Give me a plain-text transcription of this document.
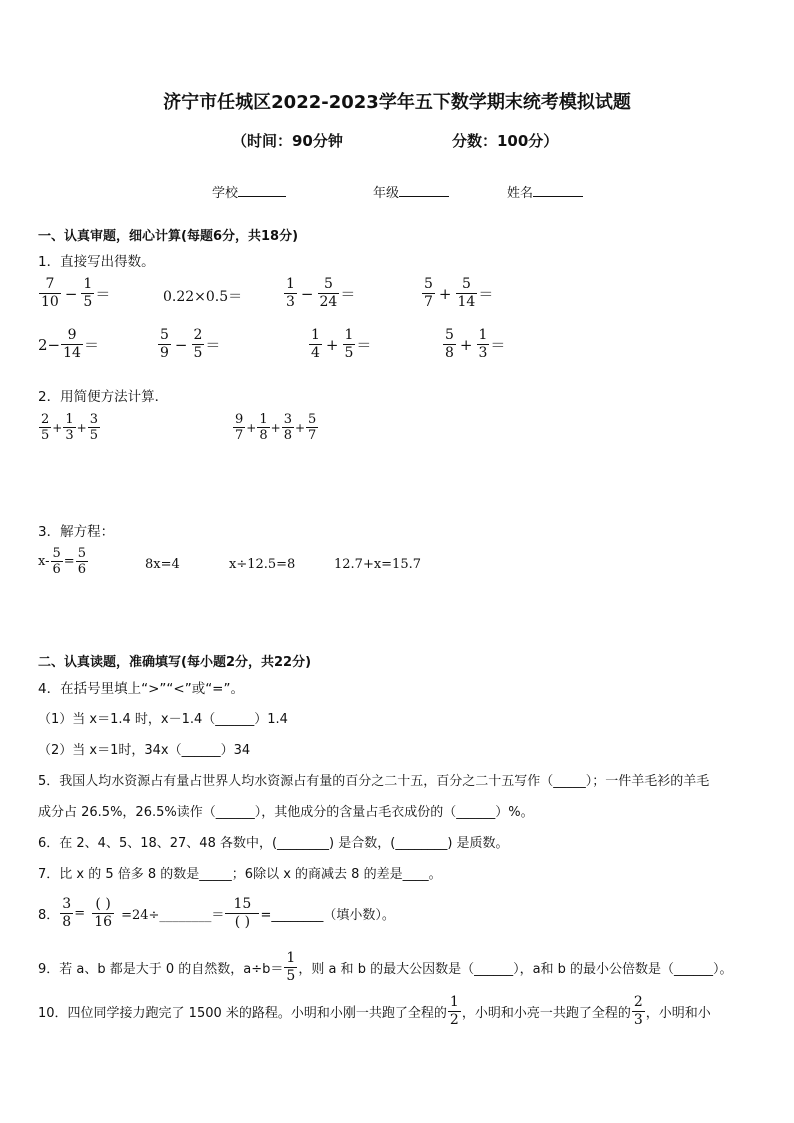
济宁市任城区2022-2023学年五下数学期末统考模拟试题
（时间：90分钟	分数：100分）
学校	年级	姓名
一、认真审题，细心计算(每题6分，共18分)
1．直接写出得数。
$\frac{7}{10} - \frac{1}{5}$ ＝	0.22×0.5＝	$\frac{1}{3} - \frac{5}{24}$ ＝	$\frac{5}{7} + \frac{5}{14}$ ＝
$2- \frac{9}{14}$ ＝	$\frac{5}{9} - \frac{2}{5}$ ＝	$\frac{1}{4} + \frac{1}{5}$ ＝	$\frac{5}{8} + \frac{1}{3}$ ＝
2．用简便方法计算．
$\frac{2}{5} + \frac{1}{3} + \frac{3}{5}$	$\frac{9}{7} + \frac{1}{8} + \frac{3}{8} + \frac{5}{7}$
3．解方程：
$x- \frac{5}{6} = \frac{5}{6}$	8x=4	x÷12.5=8	12.7+x=15.7
二、认真读题，准确填写(每小题2分，共22分)
4．在括号里填上“>”“<”或“=”。
（1）当 x＝1.4 时，x－1.4（______）1.4
（2）当 x＝1时，34x（______）34
5．我国人均水资源占有量占世界人均水资源占有量的百分之二十五，百分之二十五写作（_____）；一件羊毛衫的羊毛
成分占 26.5%，26.5%读作（______），其他成分的含量占毛衣成份的（______）%。
6．在 2、4、5、18、27、48 各数中，(________) 是合数，(________) 是质数。
7．比 x 的 5 倍多 8 的数是_____；6除以 x 的商减去 8 的差是____。
8． $\frac{3}{8} = \frac{( )}{16}$ =24÷________＝ $\frac{15}{( )}$ =________（填小数）。
9．若 a、b 都是大于 0 的自然数，$a\div b= \frac{1}{5}$ ，则 a 和 b 的最大公因数是（______），a和 b 的最小公倍数是（______）。
10．四位同学接力跑完了 1500 米的路程。小明和小刚一共跑了全程的 $\frac{1}{2}$ ，小明和小亮一共跑了全程的 $\frac{2}{3}$ ，小明和小
